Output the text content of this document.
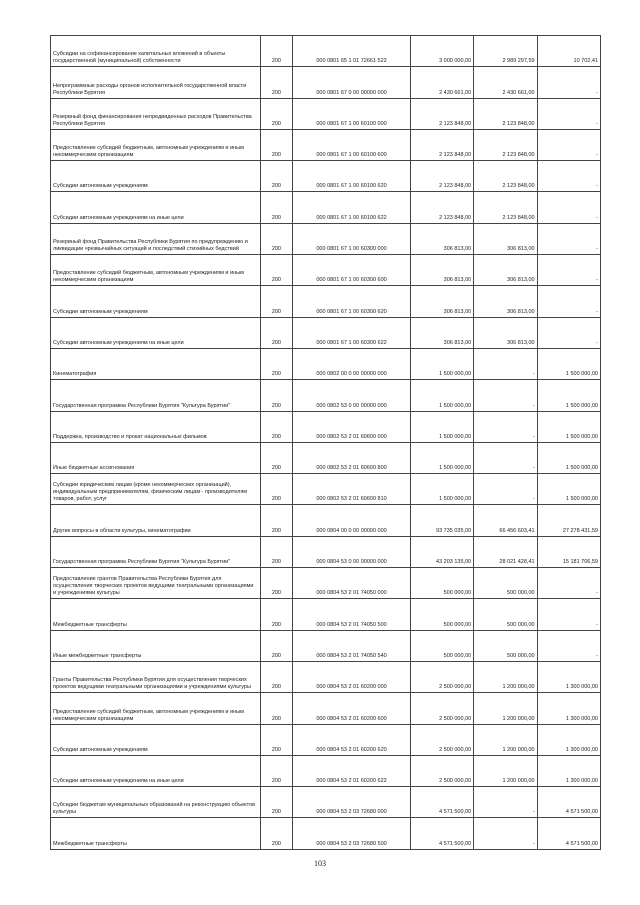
Субсидии на софинансирование капитальных вложений в объекты государственной (муниципальной) собственности	200	000 0801 65 1 01 72661 522	3 000 000,00	2 989 297,59	10 702,41

Непрограммные расходы органов исполнительной государственной власти Республики Бурятия	200	000 0801 67 0 00 00000 000	2 430 661,00	2 430 661,00	-

Резервный фонд финансирования непредвиденных расходов Правительства Республики Бурятия	200	000 0801 67 1 00 60100 000	2 123 848,00	2 123 848,00	-

Предоставление субсидий бюджетным, автономным учреждениям и иным некоммерческим организациям	200	000 0801 67 1 00 60100 600	2 123 848,00	2 123 848,00	-

Субсидии автономным учреждениям	200	000 0801 67 1 00 60100 620	2 123 848,00	2 123 848,00	-

Субсидии автономным учреждениям на иные цели	200	000 0801 67 1 00 60100 622	2 123 848,00	2 123 848,00	-

Резервный фонд Правительства Республики Бурятия по предупреждению и ликвидации чрезвычайных ситуаций и последствий стихийных бедствий	200	000 0801 67 1 00 60300 000	306 813,00	306 813,00	-

Предоставление субсидий бюджетным, автономным учреждениям и иным некоммерческим организациям	200	000 0801 67 1 00 60300 600	306 813,00	306 813,00	-

Субсидии автономным учреждениям	200	000 0801 67 1 00 60300 620	306 813,00	306 813,00	-

Субсидии автономным учреждениям на иные цели	200	000 0801 67 1 00 60300 622	306 813,00	306 813,00	-

Кинематография	200	000 0802 00 0 00 00000 000	1 500 000,00	-	1 500 000,00

Государственная программа Республики Бурятия "Культура Бурятии"	200	000 0802 53 0 00 00000 000	1 500 000,00	-	1 500 000,00

Поддержка, производство и прокат национальных фильмов	200	000 0802 53 2 01 60600 000	1 500 000,00	-	1 500 000,00

Иные бюджетные ассигнования	200	000 0802 53 2 01 60600 800	1 500 000,00	-	1 500 000,00

Субсидии юридическим лицам (кроме некоммерческих организаций), индивидуальным предпринимателям, физическим лицам - производителям товаров, работ, услуг	200	000 0802 53 2 01 60600 810	1 500 000,00	-	1 500 000,00

Другие вопросы в области культуры, кинематографии	200	000 0804 00 0 00 00000 000	93 735 035,00	66 456 603,41	27 278 431,59

Государственная программа Республики Бурятия "Культура Бурятии"	200	000 0804 53 0 00 00000 000	43 203 135,00	28 021 428,41	15 181 706,59

Предоставление грантов Правительства Республики Бурятия для осуществления творческих проектов ведущими театральными организациями и учреждениями культуры	200	000 0804 53 2 01 74050 000	500 000,00	500 000,00	-

Межбюджетные трансферты	200	000 0804 53 2 01 74050 500	500 000,00	500 000,00	-

Иные межбюджетные трансферты	200	000 0804 53 2 01 74050 540	500 000,00	500 000,00	-

Гранты Правительства Республики Бурятия для осуществления творческих проектов ведущими театральными организациями и учреждениями культуры	200	000 0804 53 2 01 60200 000	2 500 000,00	1 200 000,00	1 300 000,00

Предоставление субсидий бюджетным, автономным учреждениям и иным некоммерческим организациям	200	000 0804 53 2 01 60200 600	2 500 000,00	1 200 000,00	1 300 000,00

Субсидии автономным учреждениям	200	000 0804 53 2 01 60200 620	2 500 000,00	1 200 000,00	1 300 000,00

Субсидии автономным учреждениям на иные цели	200	000 0804 53 2 01 60200 622	2 500 000,00	1 200 000,00	1 300 000,00

Субсидии бюджетам муниципальных образований на реконструкцию объектов культуры	200	000 0804 53 2 03 72680 000	4 571 500,00	-	4 571 500,00

Межбюджетные трансферты	200	000 0804 53 2 03 72680 500	4 571 500,00	-	4 571 500,00
103
